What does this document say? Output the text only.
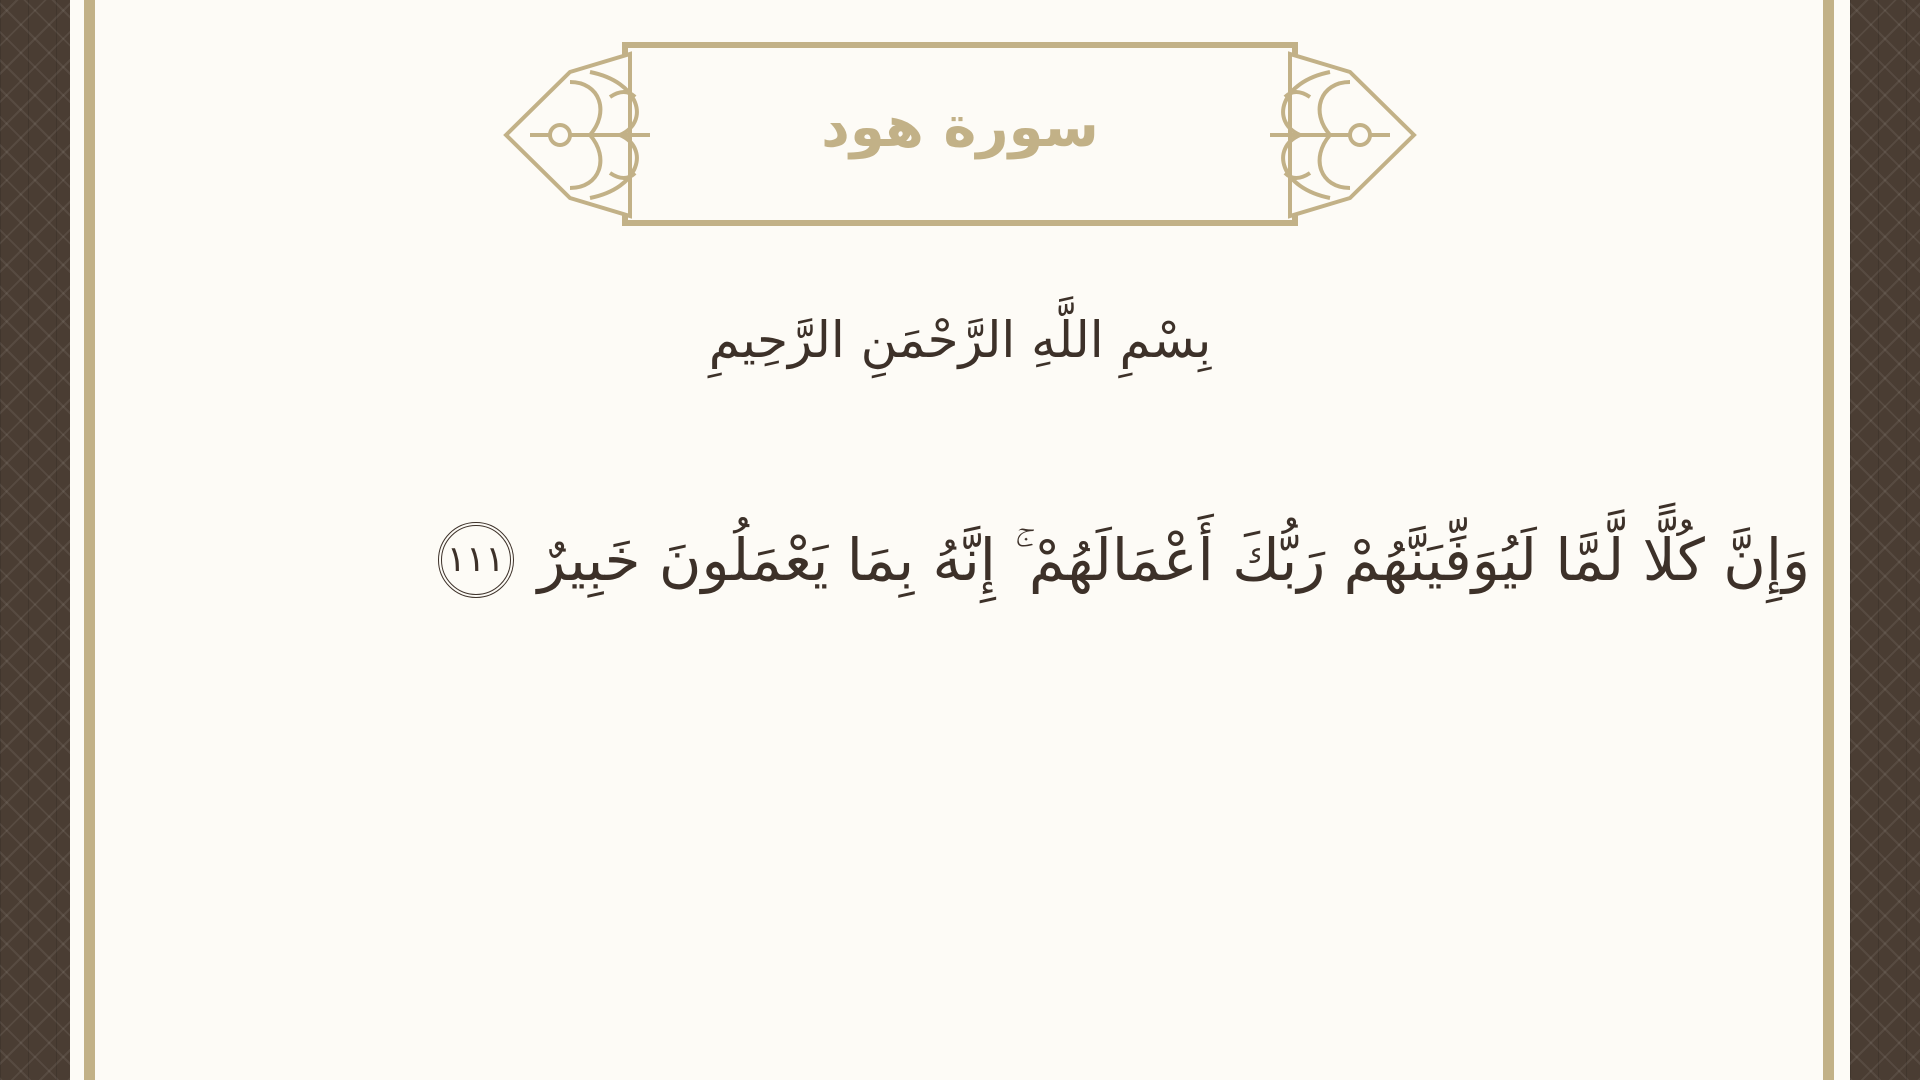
سورة هود
بِسْمِ اللَّهِ الرَّحْمَنِ الرَّحِيمِ
وَإِنَّ كُلًّا لَّمَّا لَيُوَفِّيَنَّهُمْ رَبُّكَ أَعْمَالَهُمْ ۚ إِنَّهُ بِمَا يَعْمَلُونَ خَبِيرٌ
١١١
